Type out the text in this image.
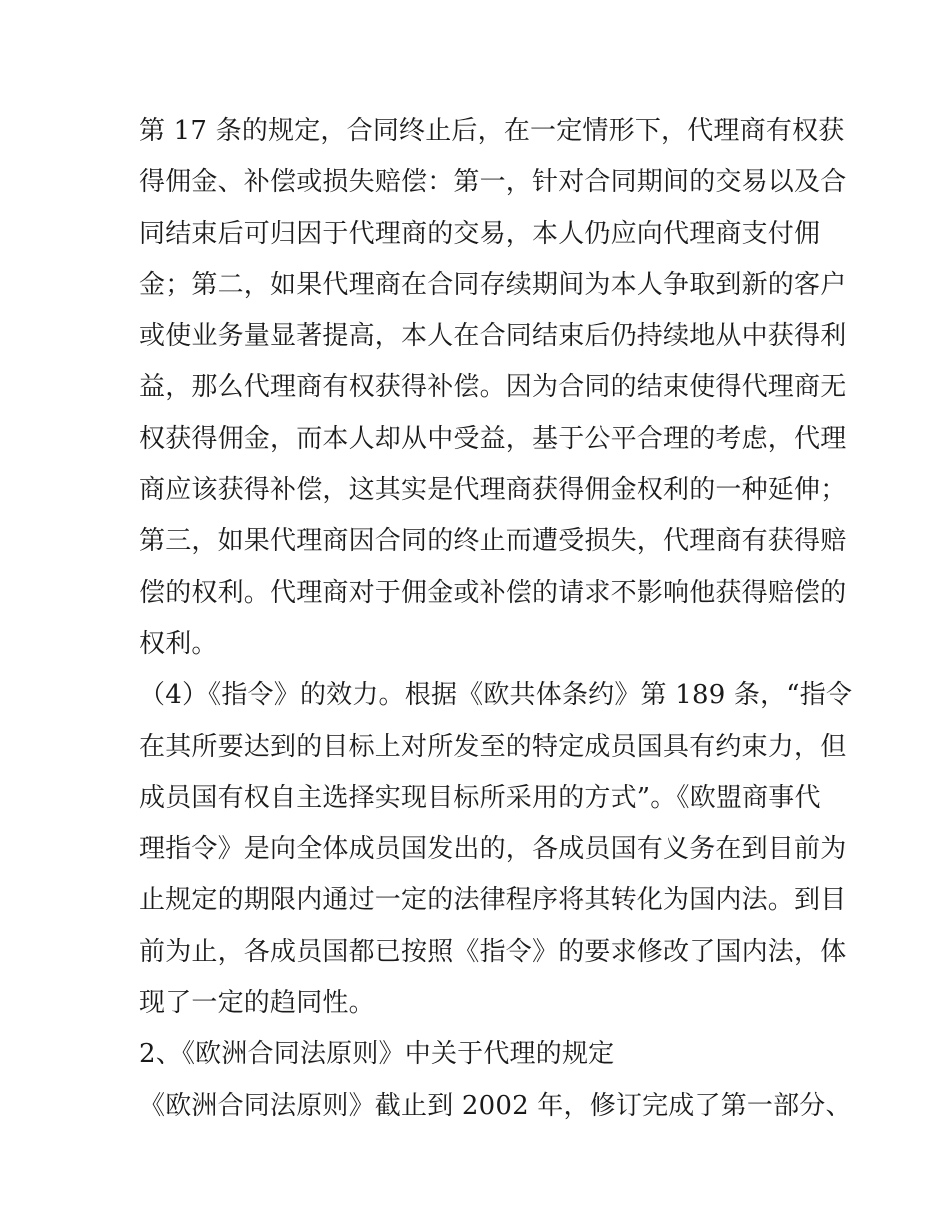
第 17 条的规定，合同终止后，在一定情形下，代理商有权获
得佣金、补偿或损失赔偿：第一，针对合同期间的交易以及合
同结束后可归因于代理商的交易，本人仍应向代理商支付佣
金；第二，如果代理商在合同存续期间为本人争取到新的客户
或使业务量显著提高，本人在合同结束后仍持续地从中获得利
益，那么代理商有权获得补偿。因为合同的结束使得代理商无
权获得佣金，而本人却从中受益，基于公平合理的考虑，代理
商应该获得补偿，这其实是代理商获得佣金权利的一种延伸；
第三，如果代理商因合同的终止而遭受损失，代理商有获得赔
偿的权利。代理商对于佣金或补偿的请求不影响他获得赔偿的
权利。
（4）《指令》的效力。根据《欧共体条约》第 189 条，“指令
在其所要达到的目标上对所发至的特定成员国具有约束力，但
成员国有权自主选择实现目标所采用的方式”。《欧盟商事代
理指令》是向全体成员国发出的，各成员国有义务在到目前为
止规定的期限内通过一定的法律程序将其转化为国内法。到目
前为止，各成员国都已按照《指令》的要求修改了国内法，体
现了一定的趋同性。
2、《欧洲合同法原则》中关于代理的规定
《欧洲合同法原则》截止到 2002 年，修订完成了第一部分、
